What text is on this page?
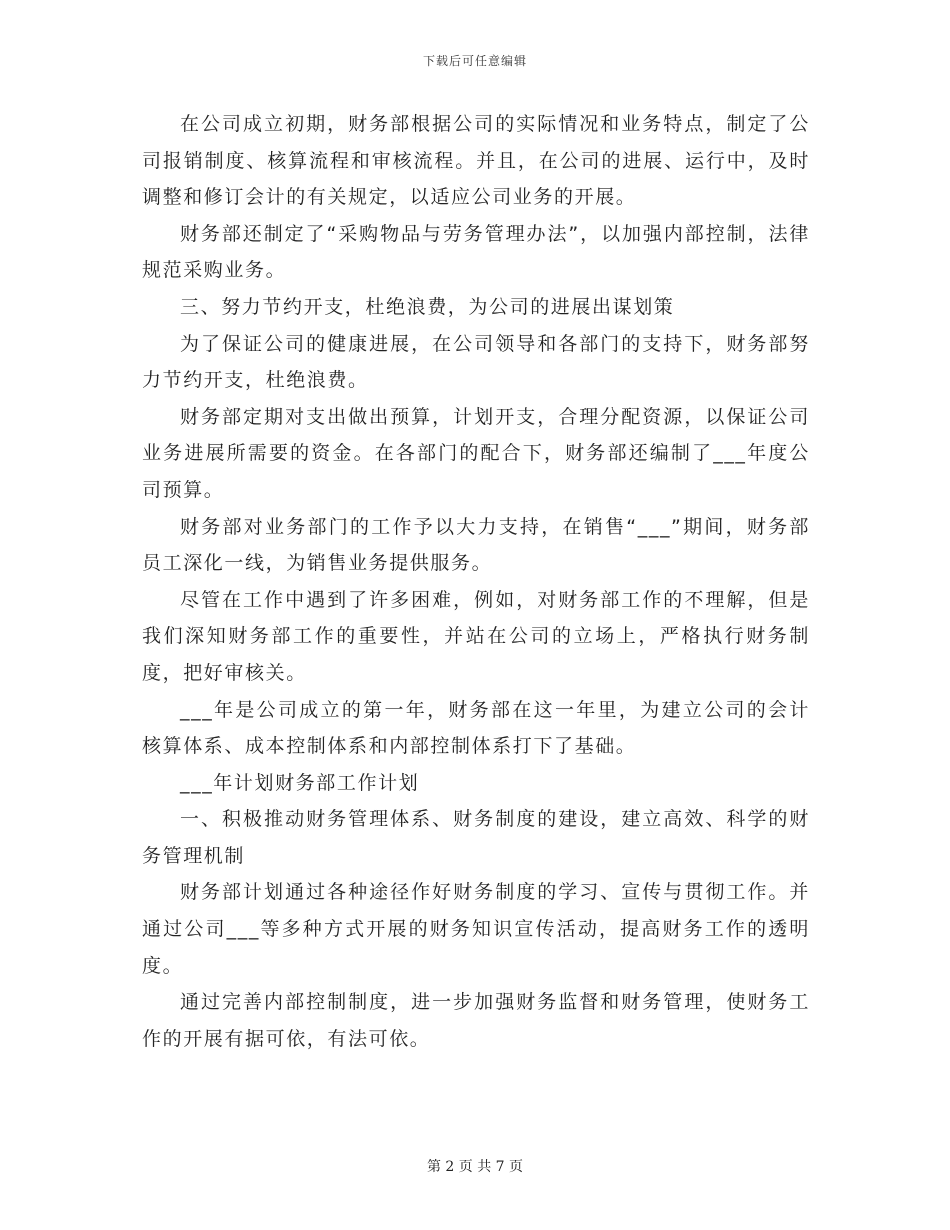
下载后可任意编辑

在公司成立初期，财务部根据公司的实际情况和业务特点，制定了公司报销制度、核算流程和审核流程。并且，在公司的进展、运行中，及时调整和修订会计的有关规定，以适应公司业务的开展。

财务部还制定了“采购物品与劳务管理办法”，以加强内部控制，法律规范采购业务。

三、努力节约开支，杜绝浪费，为公司的进展出谋划策

为了保证公司的健康进展，在公司领导和各部门的支持下，财务部努力节约开支，杜绝浪费。

财务部定期对支出做出预算，计划开支，合理分配资源，以保证公司业务进展所需要的资金。在各部门的配合下，财务部还编制了___年度公司预算。

财务部对业务部门的工作予以大力支持，在销售“___”期间，财务部员工深化一线，为销售业务提供服务。

尽管在工作中遇到了许多困难，例如，对财务部工作的不理解，但是我们深知财务部工作的重要性，并站在公司的立场上，严格执行财务制度，把好审核关。

___年是公司成立的第一年，财务部在这一年里，为建立公司的会计核算体系、成本控制体系和内部控制体系打下了基础。

___年计划财务部工作计划

一、积极推动财务管理体系、财务制度的建设，建立高效、科学的财务管理机制

财务部计划通过各种途径作好财务制度的学习、宣传与贯彻工作。并通过公司___等多种方式开展的财务知识宣传活动，提高财务工作的透明度。

通过完善内部控制制度，进一步加强财务监督和财务管理，使财务工作的开展有据可依，有法可依。

第 2 页 共 7 页
